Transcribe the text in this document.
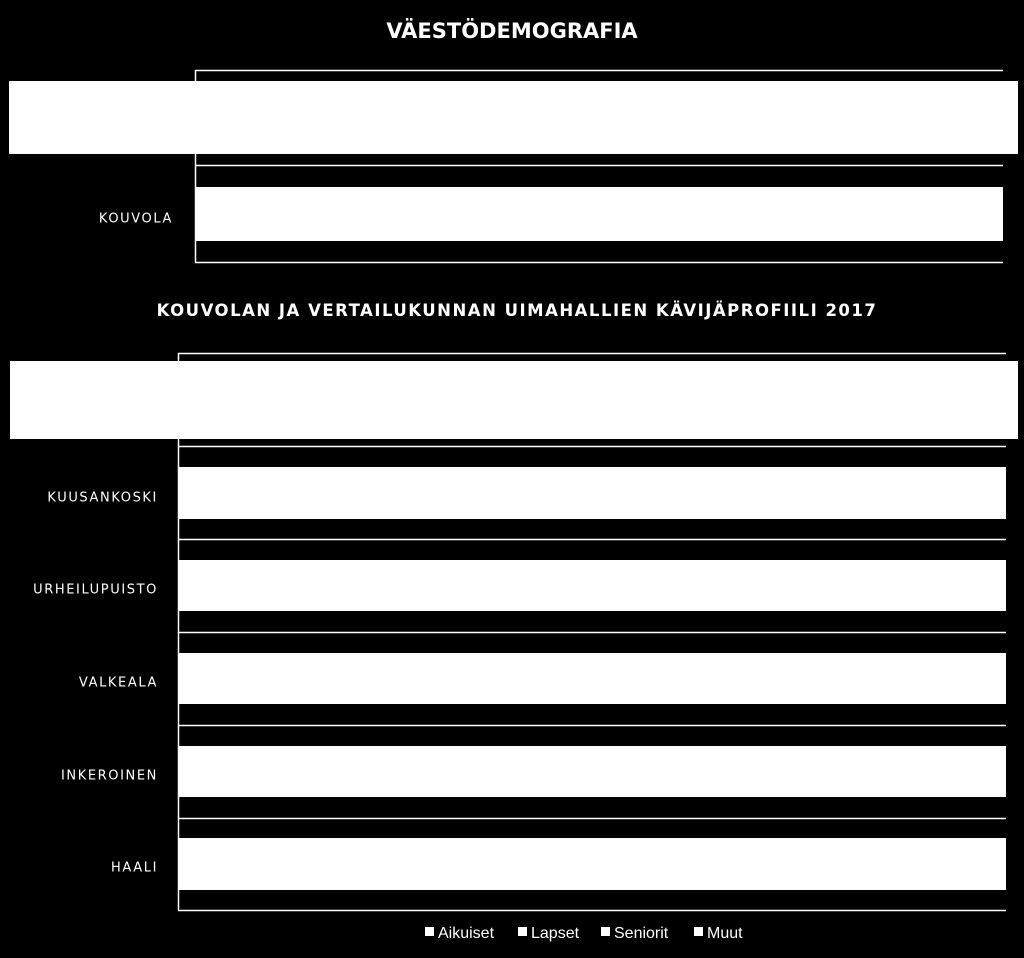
VÄESTÖDEMOGRAFIA
KOUVOLA
KOUVOLAN JA VERTAILUKUNNAN UIMAHALLIEN KÄVIJÄPROFIILI 2017
KUUSANKOSKI
URHEILUPUISTO
VALKEALA
INKEROINEN
HAALI
Aikuiset Lapset Seniorit Muut
